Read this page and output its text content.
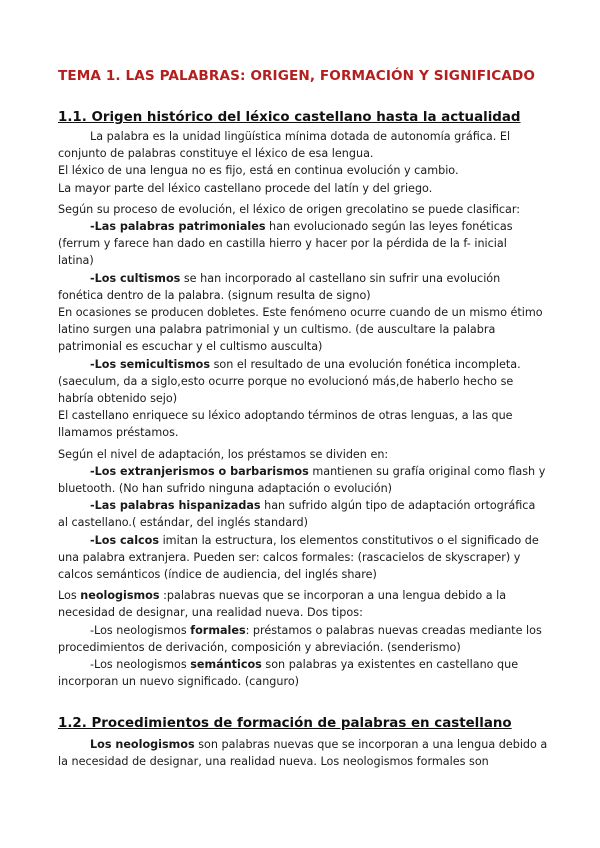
TEMA 1. LAS PALABRAS: ORIGEN, FORMACIÓN Y SIGNIFICADO
1.1. Origen histórico del léxico castellano hasta la actualidad

La palabra es la unidad lingüística mínima dotada de autonomía gráfica. El

conjunto de palabras constituye el léxico de esa lengua.

El léxico de una lengua no es fijo, está en continua evolución y cambio.

La mayor parte del léxico castellano procede del latín y del griego.

Según su proceso de evolución, el léxico de origen grecolatino se puede clasificar:

-Las palabras patrimoniales han evolucionado según las leyes fonéticas

(ferrum y farece han dado en castilla hierro y hacer por la pérdida de la f- inicial

latina)

-Los cultismos se han incorporado al castellano sin sufrir una evolución

fonética dentro de la palabra. (signum resulta de signo)

En ocasiones se producen dobletes. Este fenómeno ocurre cuando de un mismo étimo

latino surgen una palabra patrimonial y un cultismo. (de auscultare la palabra

patrimonial es escuchar y el cultismo ausculta)

-Los semicultismos son el resultado de una evolución fonética incompleta.

(saeculum, da a siglo,esto ocurre porque no evolucionó más,de haberlo hecho se

habría obtenido sejo)

El castellano enriquece su léxico adoptando términos de otras lenguas, a las que

llamamos préstamos.

Según el nivel de adaptación, los préstamos se dividen en:

-Los extranjerismos o barbarismos mantienen su grafía original como flash y

bluetooth. (No han sufrido ninguna adaptación o evolución)

-Las palabras hispanizadas han sufrido algún tipo de adaptación ortográfica

al castellano.( estándar, del inglés standard)

-Los calcos imitan la estructura, los elementos constitutivos o el significado de

una palabra extranjera. Pueden ser: calcos formales: (rascacielos de skyscraper) y

calcos semánticos (índice de audiencia, del inglés share)

Los neologismos :palabras nuevas que se incorporan a una lengua debido a la

necesidad de designar, una realidad nueva. Dos tipos:

-Los neologismos formales: préstamos o palabras nuevas creadas mediante los

procedimientos de derivación, composición y abreviación. (senderismo)

-Los neologismos semánticos son palabras ya existentes en castellano que

incorporan un nuevo significado. (canguro)

1.2. Procedimientos de formación de palabras en castellano

Los neologismos son palabras nuevas que se incorporan a una lengua debido a

la necesidad de designar, una realidad nueva. Los neologismos formales son
